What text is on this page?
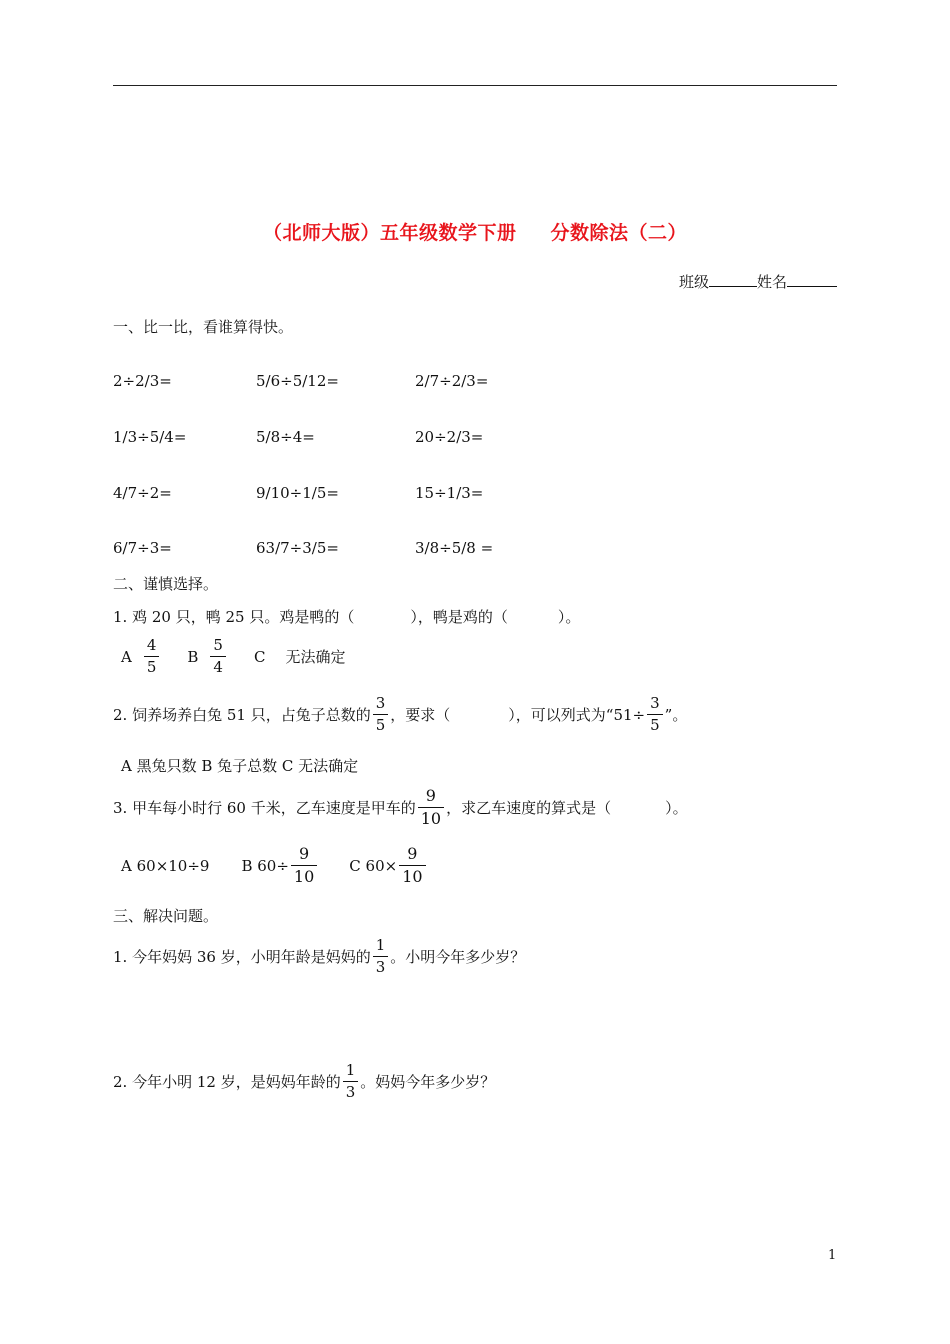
（北师大版）五年级数学下册 分数除法（二）
班级	姓名
一、比一比，看谁算得快。
2÷2/3=	5/6÷5/12=	2/7÷2/3=
1/3÷5/4=	5/8÷4=	20÷2/3=
4/7÷2=	9/10÷1/5=	15÷1/3=
6/7÷3=	63/7÷3/5=	3/8÷5/8 =
二、谨慎选择。
1. 鸡 20 只，鸭 25 只。鸡是鸭的（	），鸭是鸡的（	）。
A $\frac{4}{5}$ B $\frac{5}{4}$ C 无法确定
2. 饲养场养白兔 51 只，占兔子总数的 $\frac{3}{5}$ ，要求（	），可以列式为“$51\div \frac{3}{5}$ ”。
A 黑兔只数 B 兔子总数 C 无法确定
3. 甲车每小时行 60 千米，乙车速度是甲车的 $\frac{9}{10}$ ，求乙车速度的算式是（	）。
A 60×10÷9 B $60\div \frac{9}{10}$ C $60\times \frac{9}{10}$
三、解决问题。
1. 今年妈妈 36 岁，小明年龄是妈妈的 $\frac{1}{3}$ 。小明今年多少岁？
2. 今年小明 12 岁，是妈妈年龄的 $\frac{1}{3}$ 。妈妈今年多少岁？
1
